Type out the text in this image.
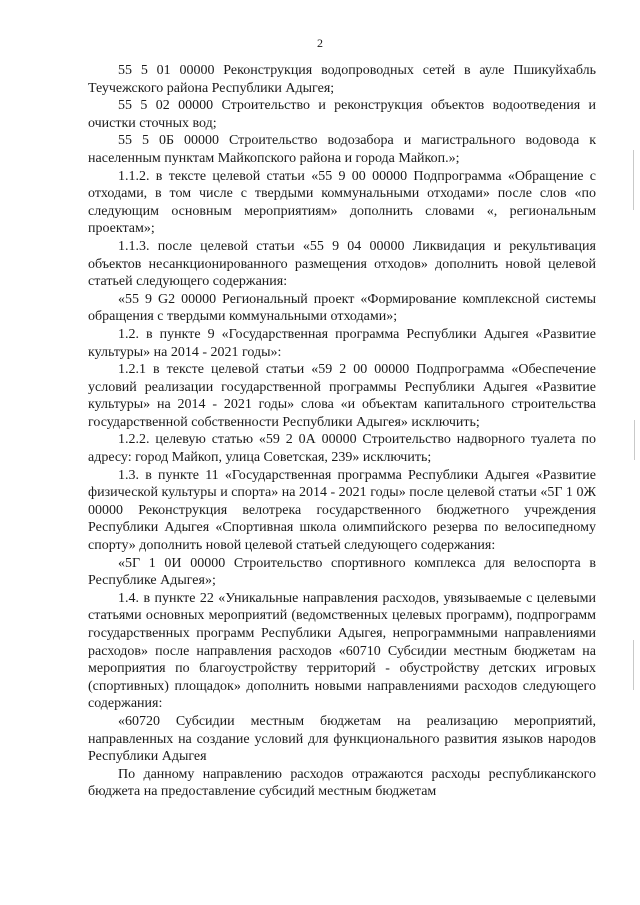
2

55 5 01 00000 Реконструкция водопроводных сетей в ауле Пшикуйхабль Теучежского района Республики Адыгея;

55 5 02 00000 Строительство и реконструкция объектов водоотведения и очистки сточных вод;

55 5 0Б 00000 Строительство водозабора и магистрального водовода к населенным пунктам Майкопского района и города Майкоп.»;

1.1.2. в тексте целевой статьи «55 9 00 00000 Подпрограмма «Обращение с отходами, в том числе с твердыми коммунальными отходами» после слов «по следующим основным мероприятиям» дополнить словами «, региональным проектам»;

1.1.3. после целевой статьи «55 9 04 00000 Ликвидация и рекультивация объектов несанкционированного размещения отходов» дополнить новой целевой статьей следующего содержания:

«55 9 G2 00000 Региональный проект «Формирование комплексной системы обращения с твердыми коммунальными отходами»;

1.2. в пункте 9 «Государственная программа Республики Адыгея «Развитие культуры» на 2014 - 2021 годы»:

1.2.1 в тексте целевой статьи «59 2 00 00000 Подпрограмма «Обеспечение условий реализации государственной программы Республики Адыгея «Развитие культуры» на 2014 - 2021 годы» слова «и объектам капитального строительства государственной собственности Республики Адыгея» исключить;

1.2.2. целевую статью «59 2 0А 00000 Строительство надворного туалета по адресу: город Майкоп, улица Советская, 239» исключить;

1.3. в пункте 11 «Государственная программа Республики Адыгея «Развитие физической культуры и спорта» на 2014 - 2021 годы» после целевой статьи «5Г 1 0Ж 00000 Реконструкция велотрека государственного бюджетного учреждения Республики Адыгея «Спортивная школа олимпийского резерва по велосипедному спорту» дополнить новой целевой статьей следующего содержания:

«5Г 1 0И 00000 Строительство спортивного комплекса для велоспорта в Республике Адыгея»;

1.4. в пункте 22 «Уникальные направления расходов, увязываемые с целевыми статьями основных мероприятий (ведомственных целевых программ), подпрограмм государственных программ Республики Адыгея, непрограммными направлениями расходов» после направления расходов «60710 Субсидии местным бюджетам на мероприятия по благоустройству территорий - обустройству детских игровых (спортивных) площадок» дополнить новыми направлениями расходов следующего содержания:

«60720 Субсидии местным бюджетам на реализацию мероприятий, направленных на создание условий для функционального развития языков народов Республики Адыгея

По данному направлению расходов отражаются расходы республиканского бюджета на предоставление субсидий местным бюджетам
